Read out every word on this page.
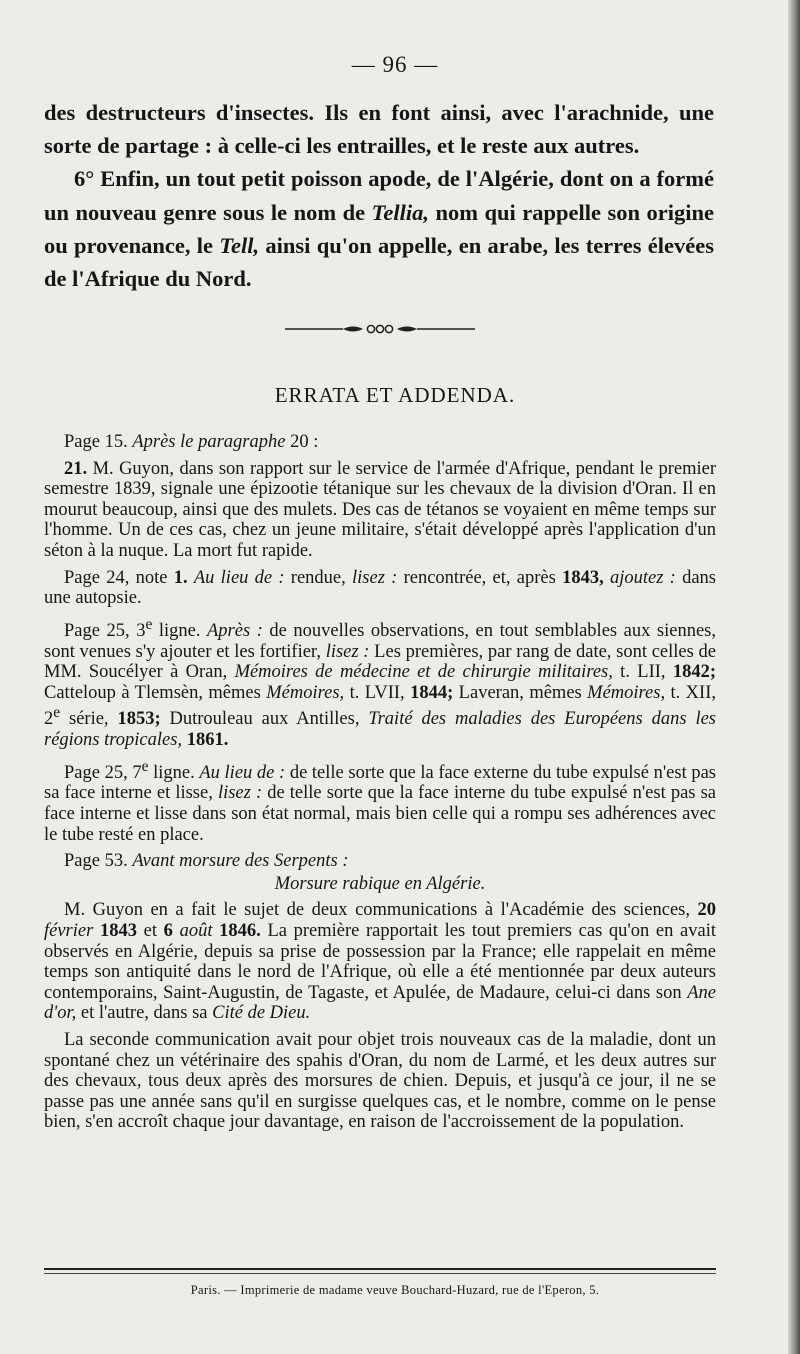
— 96 —

des destructeurs d'insectes. Ils en font ainsi, avec l'arachnide, une sorte de partage : à celle-ci les entrailles, et le reste aux autres.

6° Enfin, un tout petit poisson apode, de l'Algérie, dont on a formé un nouveau genre sous le nom de Tellia, nom qui rappelle son origine ou provenance, le Tell, ainsi qu'on appelle, en arabe, les terres élevées de l'Afrique du Nord.

ERRATA ET ADDENDA.

Page 15. Après le paragraphe 20 :

21. M. Guyon, dans son rapport sur le service de l'armée d'Afrique, pendant le premier semestre 1839, signale une épizootie tétanique sur les chevaux de la division d'Oran. Il en mourut beaucoup, ainsi que des mulets. Des cas de tétanos se voyaient en même temps sur l'homme. Un de ces cas, chez un jeune militaire, s'était développé après l'application d'un séton à la nuque. La mort fut rapide.

Page 24, note 1. Au lieu de : rendue, lisez : rencontrée, et, après 1843, ajoutez : dans une autopsie.

Page 25, 3e ligne. Après : de nouvelles observations, en tout semblables aux siennes, sont venues s'y ajouter et les fortifier, lisez : Les premières, par rang de date, sont celles de MM. Soucélyer à Oran, Mémoires de médecine et de chirurgie militaires, t. LII, 1842; Catteloup à Tlemsèn, mêmes Mémoires, t. LVII, 1844; Laveran, mêmes Mémoires, t. XII, 2e série, 1853; Dutrouleau aux Antilles, Traité des maladies des Européens dans les régions tropicales, 1861.

Page 25, 7e ligne. Au lieu de : de telle sorte que la face externe du tube expulsé n'est pas sa face interne et lisse, lisez : de telle sorte que la face interne du tube expulsé n'est pas sa face interne et lisse dans son état normal, mais bien celle qui a rompu ses adhérences avec le tube resté en place.

Page 53. Avant morsure des Serpents :

Morsure rabique en Algérie.

M. Guyon en a fait le sujet de deux communications à l'Académie des sciences, 20 février 1843 et 6 août 1846. La première rapportait les tout premiers cas qu'on en avait observés en Algérie, depuis sa prise de possession par la France; elle rappelait en même temps son antiquité dans le nord de l'Afrique, où elle a été mentionnée par deux auteurs contemporains, Saint-Augustin, de Tagaste, et Apulée, de Madaure, celui-ci dans son Ane d'or, et l'autre, dans sa Cité de Dieu.

La seconde communication avait pour objet trois nouveaux cas de la maladie, dont un spontané chez un vétérinaire des spahis d'Oran, du nom de Larmé, et les deux autres sur des chevaux, tous deux après des morsures de chien. Depuis, et jusqu'à ce jour, il ne se passe pas une année sans qu'il en surgisse quelques cas, et le nombre, comme on le pense bien, s'en accroît chaque jour davantage, en raison de l'accroissement de la population.

Paris. — Imprimerie de madame veuve Bouchard-Huzard, rue de l'Eperon, 5.
